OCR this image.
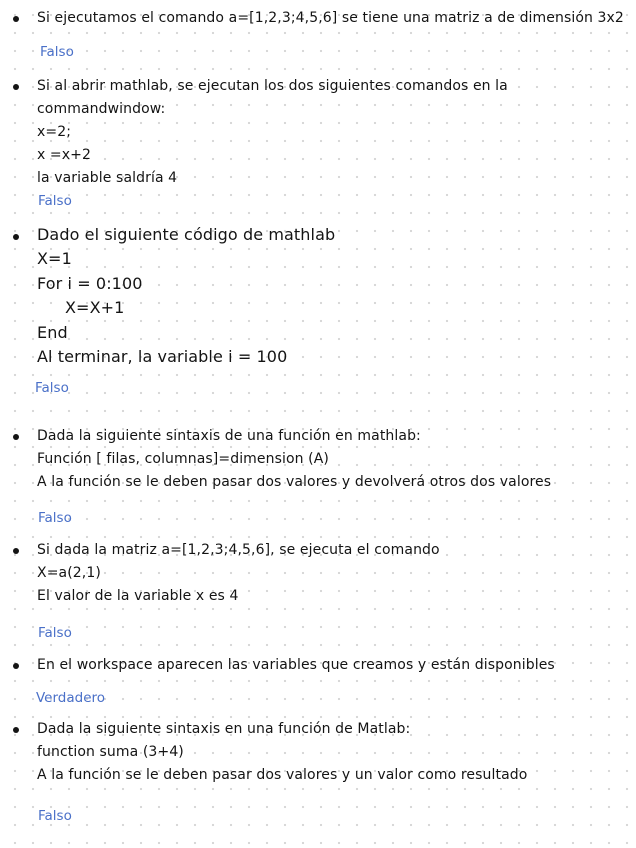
Si ejecutamos el comando a=[1,2,3;4,5,6] se tiene una matriz a de dimensión 3x2
Falso
Si al abrir mathlab, se ejecutan los dos siguientes comandos en la
commandwindow:
x=2;
x =x+2
la variable saldría 4
Falso
Dado el siguiente código de mathlab
X=1
For i = 0:100
X=X+1
End
Al terminar, la variable i = 100
Falso
Dada la siguiente sintaxis de una función en mathlab:
Función [ filas, columnas]=dimension (A)
A la función se le deben pasar dos valores y devolverá otros dos valores
Falso
Si dada la matriz a=[1,2,3;4,5,6], se ejecuta el comando
X=a(2,1)
El valor de la variable x es 4
Falso
En el workspace aparecen las variables que creamos y están disponibles
Verdadero
Dada la siguiente sintaxis en una función de Matlab:
function suma (3+4)
A la función se le deben pasar dos valores y un valor como resultado
Falso
